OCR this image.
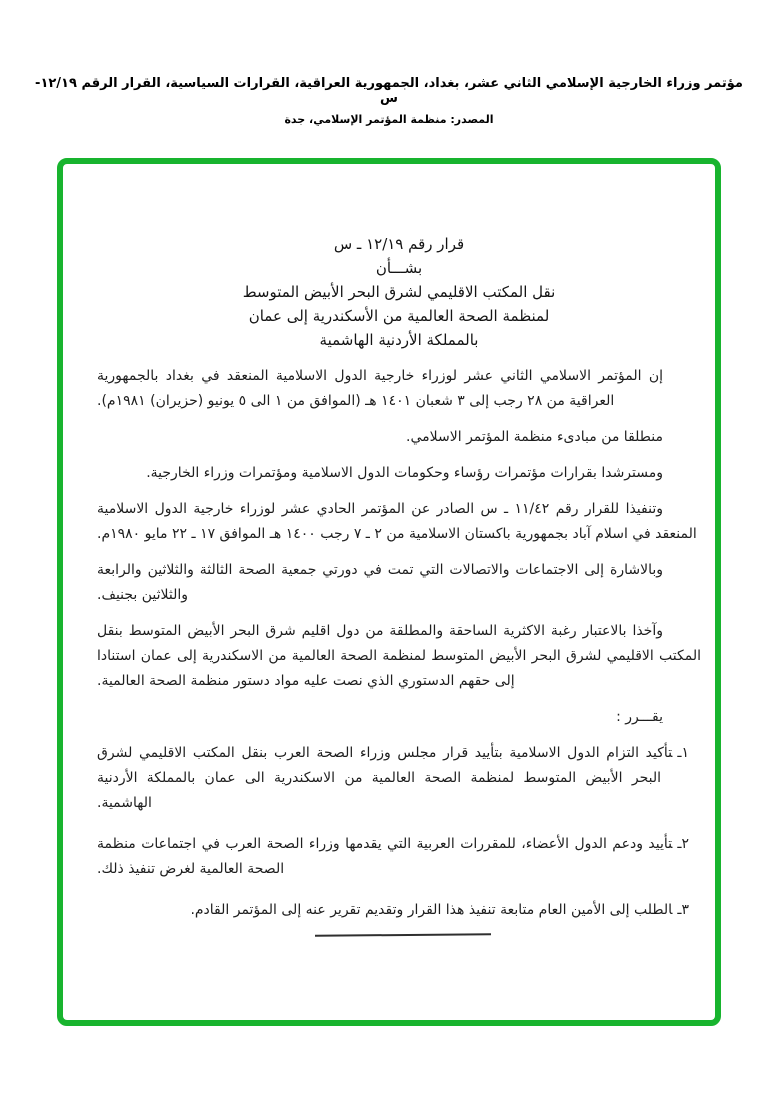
مؤتمر وزراء الخارجية الإسلامي الثاني عشر، بغداد، الجمهورية العراقية، القرارات السياسية، القرار الرقم ١٢/١٩- س
المصدر: منظمة المؤتمر الإسلامي، جدة
قرار رقم ١٢/١٩ ـ س
بشـــأن
نقل المكتب الاقليمي لشرق البحر الأبيض المتوسط
لمنظمة الصحة العالمية من الأسكندرية إلى عمان
بالمملكة الأردنية الهاشمية

إن المؤتمر الاسلامي الثاني عشر لوزراء خارجية الدول الاسلامية المنعقد في بغداد بالجمهورية العراقية من ٢٨ رجب إلى ٣ شعبان ١٤٠١ هـ (الموافق من ١ الى ٥ يونيو (حزيران) ١٩٨١م).

منطلقا من مبادىء منظمة المؤتمر الاسلامي.

ومسترشدا بقرارات مؤتمرات رؤساء وحكومات الدول الاسلامية ومؤتمرات وزراء الخارجية.

وتنفيذا للقرار رقم ١١/٤٢ ـ س الصادر عن المؤتمر الحادي عشر لوزراء خارجية الدول الاسلامية المنعقد في اسلام آباد بجمهورية باكستان الاسلامية من ٢ ـ ٧ رجب ١٤٠٠ هـ الموافق ١٧ ـ ٢٢ مايو ١٩٨٠م.

وبالاشارة إلى الاجتماعات والاتصالات التي تمت في دورتي جمعية الصحة الثالثة والثلاثين والرابعة والثلاثين بجنيف.

وآخذا بالاعتبار رغبة الاكثرية الساحقة والمطلقة من دول اقليم شرق البحر الأبيض المتوسط بنقل المكتب الاقليمي لشرق البحر الأبيض المتوسط لمنظمة الصحة العالمية من الاسكندرية إلى عمان استنادا إلى حقهم الدستوري الذي نصت عليه مواد دستور منظمة الصحة العالمية.

يقـــرر :

١ـتأكيد التزام الدول الاسلامية بتأييد قرار مجلس وزراء الصحة العرب بنقل المكتب الاقليمي لشرق البحر الأبيض المتوسط لمنظمة الصحة العالمية من الاسكندرية الى عمان بالمملكة الأردنية الهاشمية.

٢ـتأييد ودعم الدول الأعضاء، للمقررات العربية التي يقدمها وزراء الصحة العرب في اجتماعات منظمة الصحة العالمية لغرض تنفيذ ذلك.

٣ـالطلب إلى الأمين العام متابعة تنفيذ هذا القرار وتقديم تقرير عنه إلى المؤتمر القادم.
